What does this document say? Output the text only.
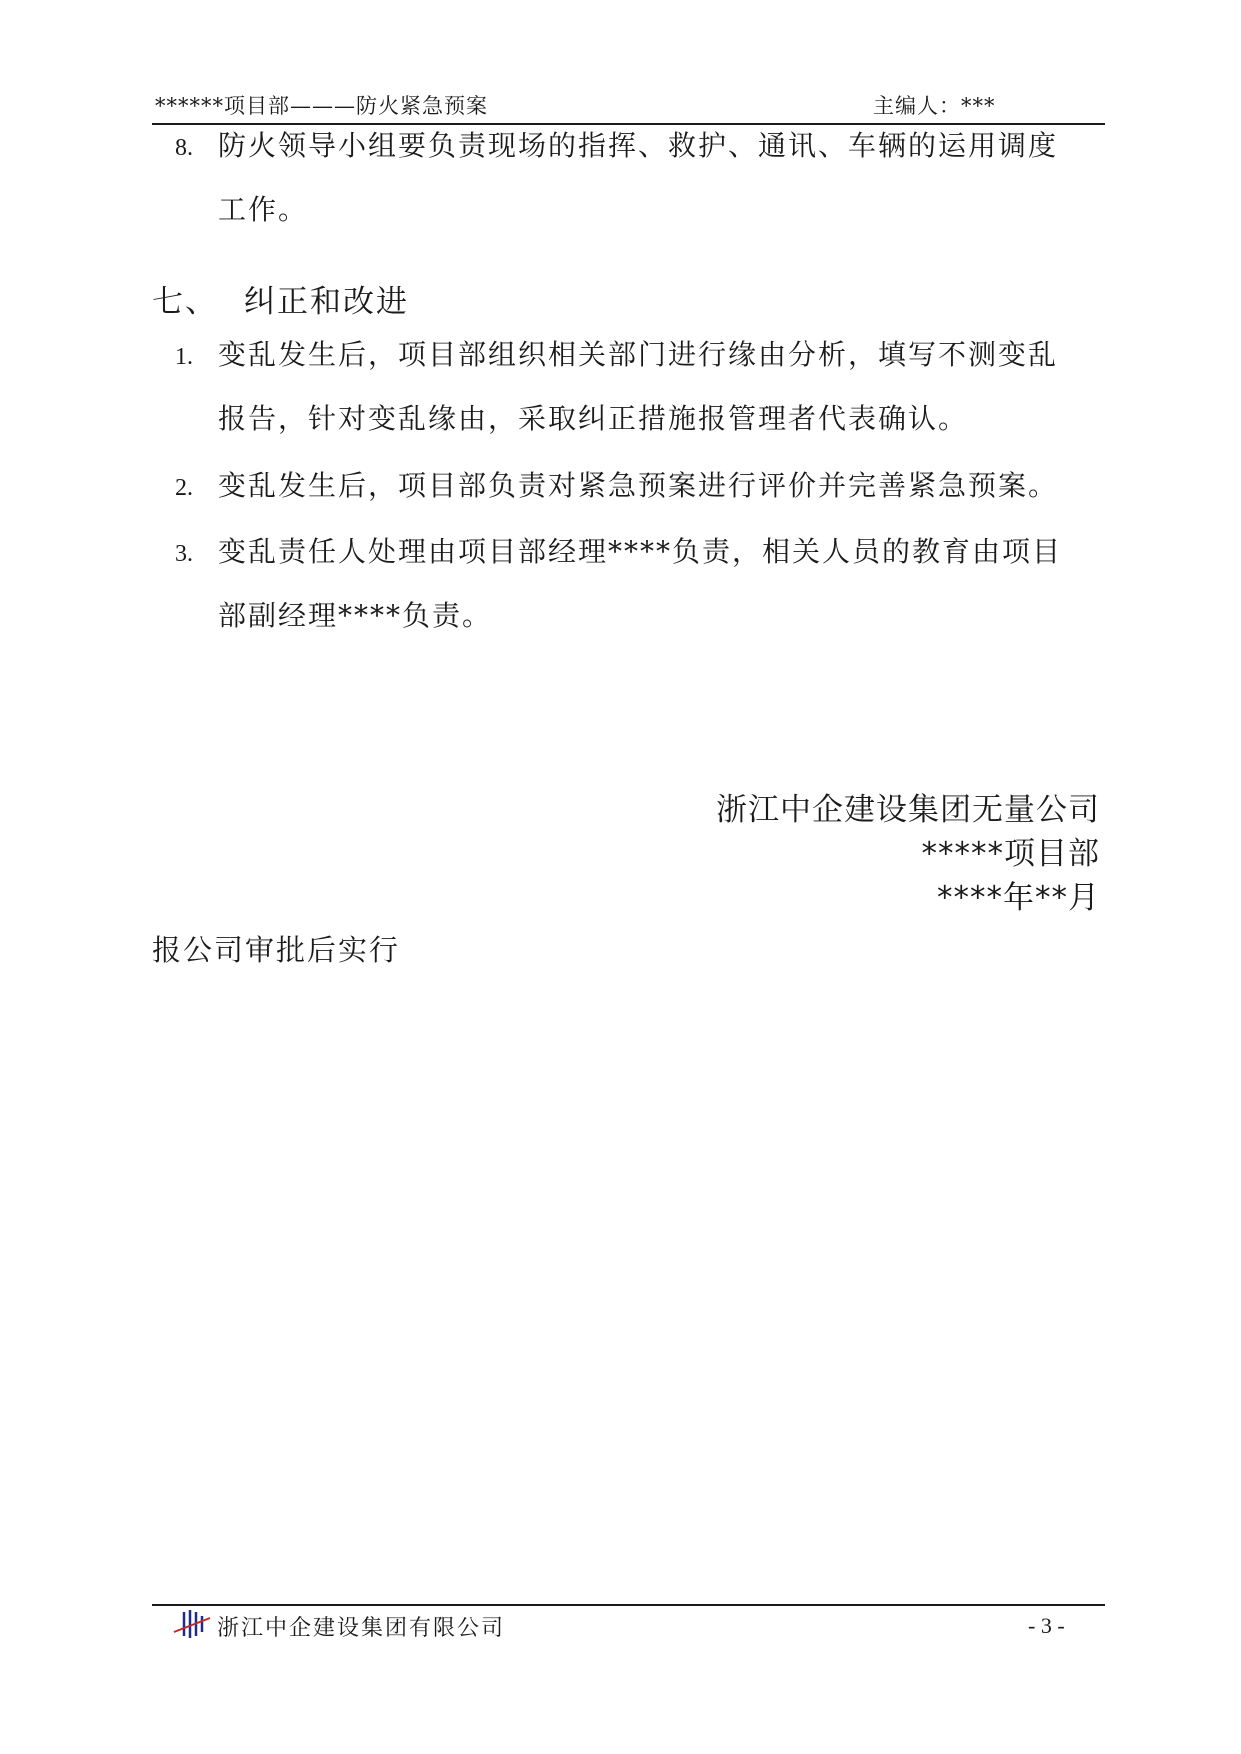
******项目部———防火紧急预案	主编人：***
8. 防火领导小组要负责现场的指挥、救护、通讯、车辆的运用调度
工作。
七、 纠正和改进
1. 变乱发生后，项目部组织相关部门进行缘由分析，填写不测变乱
报告，针对变乱缘由，采取纠正措施报管理者代表确认。
2. 变乱发生后，项目部负责对紧急预案进行评价并完善紧急预案。
3. 变乱责任人处理由项目部经理****负责，相关人员的教育由项目
部副经理****负责。
浙江中企建设集团无量公司
*****项目部
****年**月
报公司审批后实行
浙江中企建设集团有限公司	- 3 -
